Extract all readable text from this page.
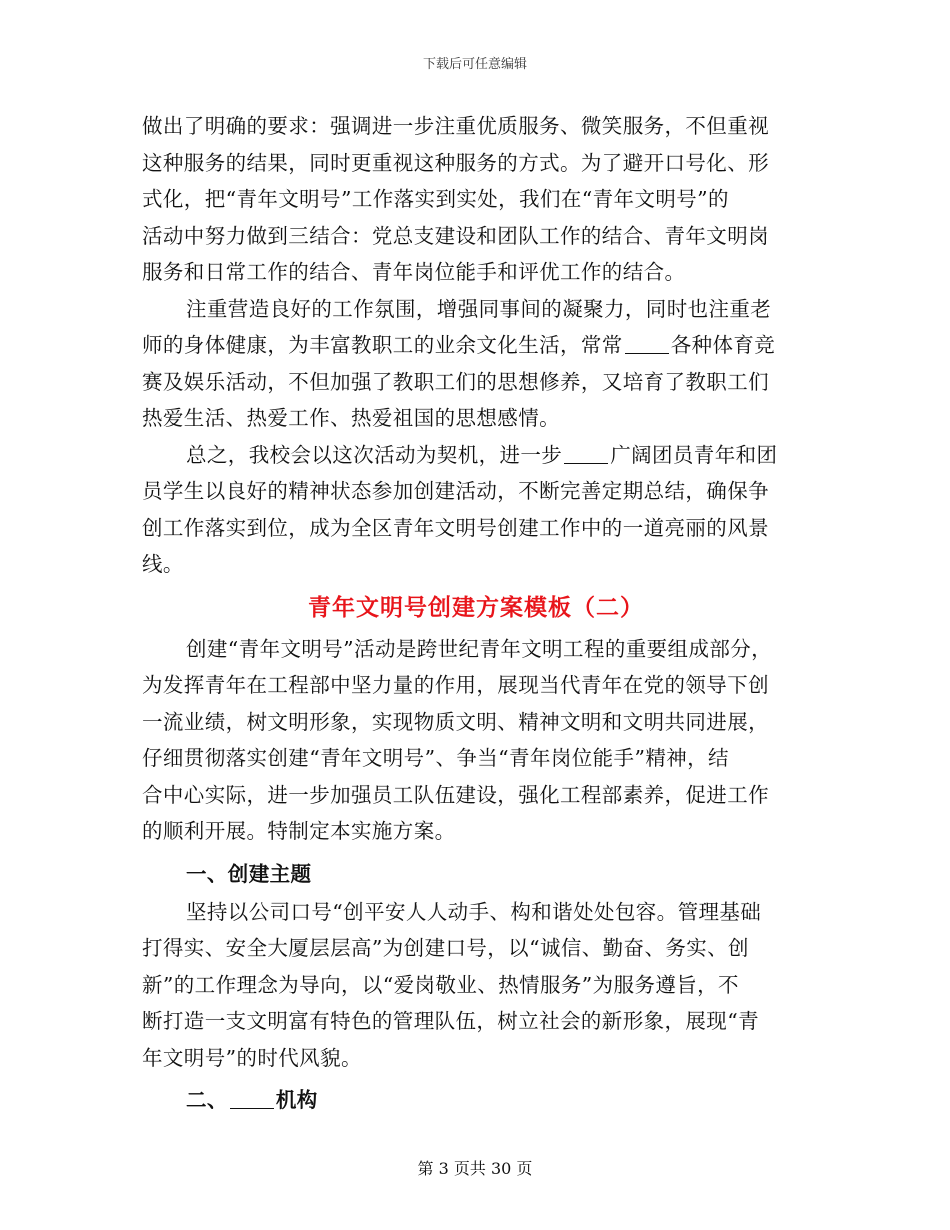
下载后可任意编辑
做出了明确的要求：强调进一步注重优质服务、微笑服务，不但重视
这种服务的结果，同时更重视这种服务的方式。为了避开口号化、形
式化，把“青年文明号”工作落实到实处，我们在“青年文明号”的
活动中努力做到三结合：党总支建设和团队工作的结合、青年文明岗
服务和日常工作的结合、青年岗位能手和评优工作的结合。
注重营造良好的工作氛围，增强同事间的凝聚力，同时也注重老
师的身体健康，为丰富教职工的业余文化生活，常常 各种体育竞
赛及娱乐活动，不但加强了教职工们的思想修养，又培育了教职工们
热爱生活、热爱工作、热爱祖国的思想感情。
总之，我校会以这次活动为契机，进一步 广阔团员青年和团
员学生以良好的精神状态参加创建活动，不断完善定期总结，确保争
创工作落实到位，成为全区青年文明号创建工作中的一道亮丽的风景
线。
青年文明号创建方案模板（二）
创建“青年文明号”活动是跨世纪青年文明工程的重要组成部分，
为发挥青年在工程部中坚力量的作用，展现当代青年在党的领导下创
一流业绩，树文明形象，实现物质文明、精神文明和文明共同进展，
仔细贯彻落实创建“青年文明号”、争当“青年岗位能手”精神，结
合中心实际，进一步加强员工队伍建设，强化工程部素养，促进工作
的顺利开展。特制定本实施方案。
一、创建主题
坚持以公司口号“创平安人人动手、构和谐处处包容。管理基础
打得实、安全大厦层层高”为创建口号，以“诚信、勤奋、务实、创
新”的工作理念为导向，以“爱岗敬业、热情服务”为服务遵旨，不
断打造一支文明富有特色的管理队伍，树立社会的新形象，展现“青
年文明号”的时代风貌。
二、 机构
第 3 页共 30 页
